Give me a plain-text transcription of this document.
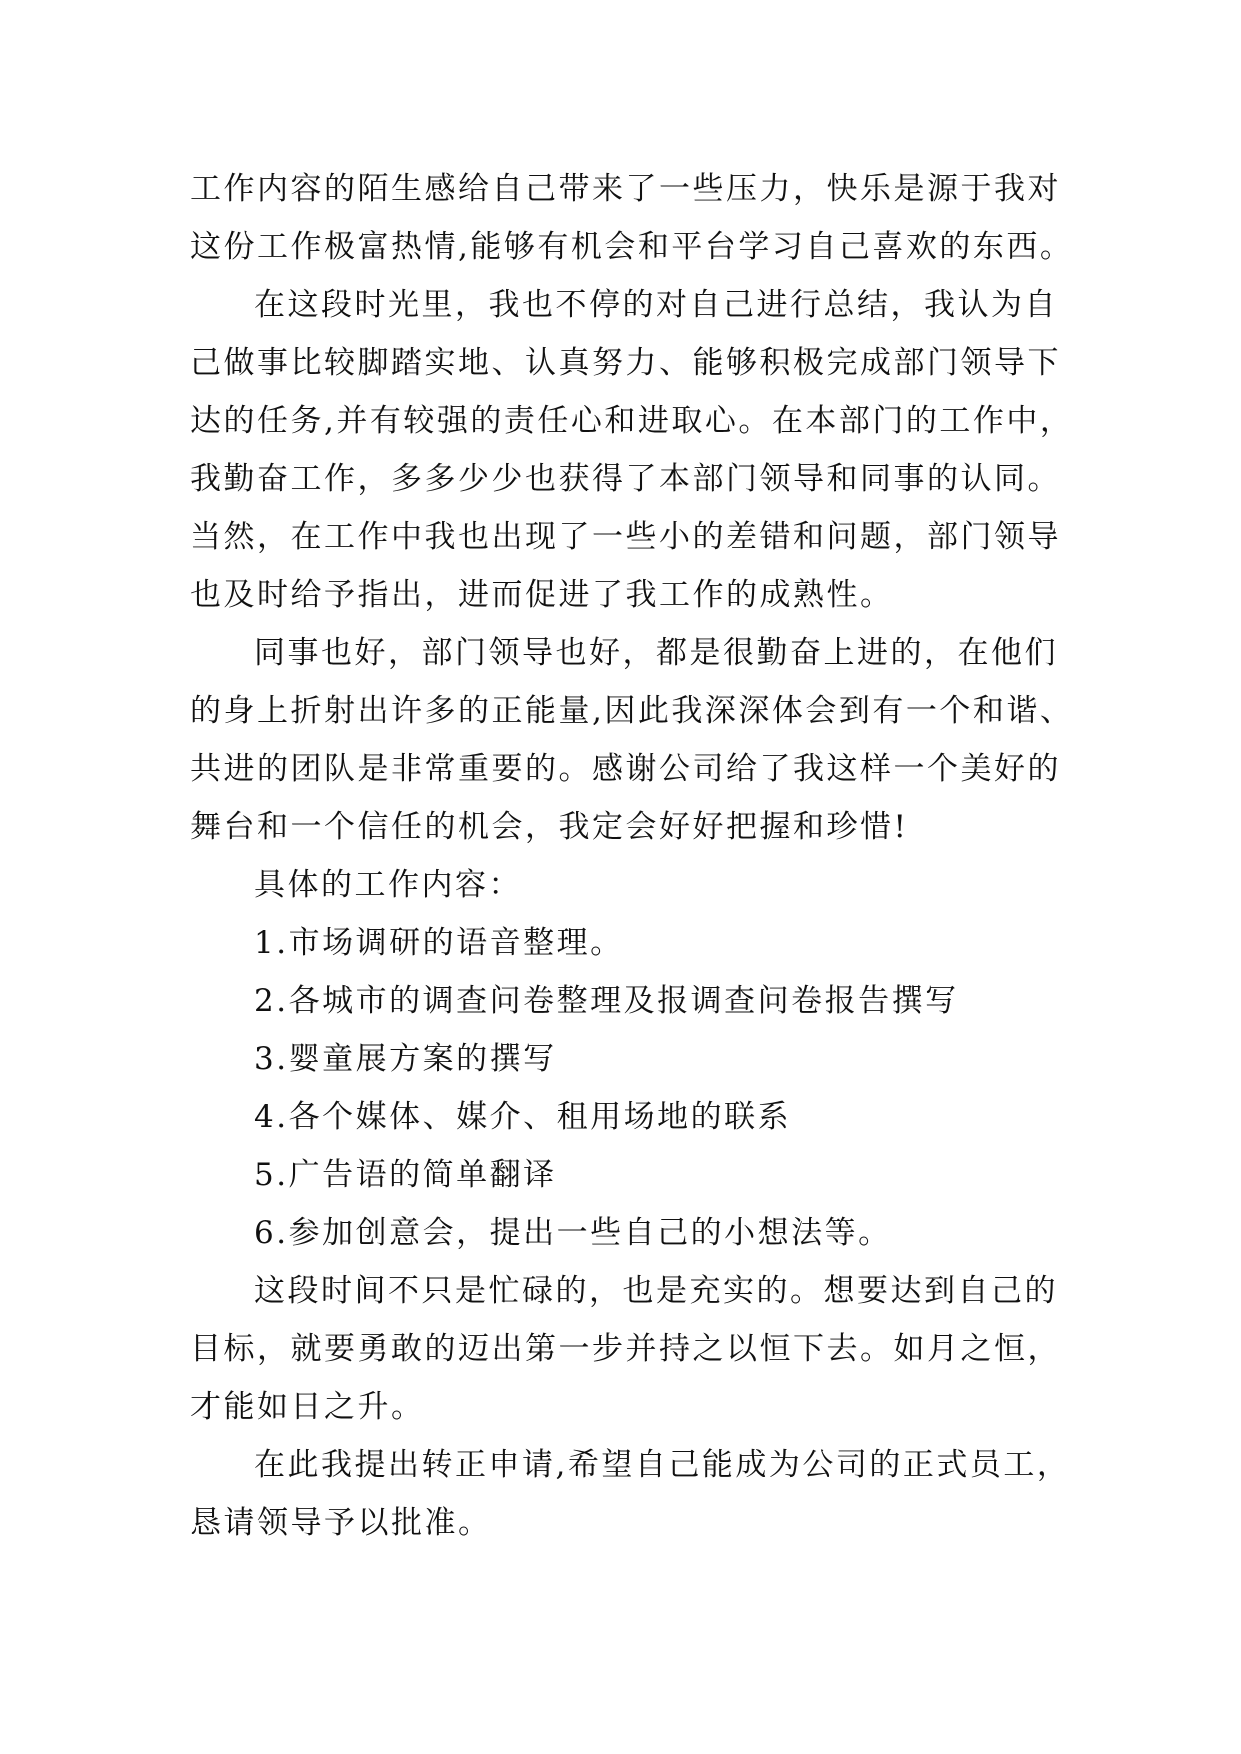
工作内容的陌生感给自己带来了一些压力，快乐是源于我对
这份工作极富热情,能够有机会和平台学习自己喜欢的东西。
在这段时光里，我也不停的对自己进行总结，我认为自
己做事比较脚踏实地、认真努力、能够积极完成部门领导下
达的任务,并有较强的责任心和进取心。在本部门的工作中，
我勤奋工作，多多少少也获得了本部门领导和同事的认同。
当然，在工作中我也出现了一些小的差错和问题，部门领导
也及时给予指出，进而促进了我工作的成熟性。
同事也好，部门领导也好，都是很勤奋上进的，在他们
的身上折射出许多的正能量,因此我深深体会到有一个和谐、
共进的团队是非常重要的。感谢公司给了我这样一个美好的
舞台和一个信任的机会，我定会好好把握和珍惜!
具体的工作内容：
1.市场调研的语音整理。
2.各城市的调查问卷整理及报调查问卷报告撰写
3.婴童展方案的撰写
4.各个媒体、媒介、租用场地的联系
5.广告语的简单翻译
6.参加创意会，提出一些自己的小想法等。
这段时间不只是忙碌的，也是充实的。想要达到自己的
目标，就要勇敢的迈出第一步并持之以恒下去。如月之恒，
才能如日之升。
在此我提出转正申请,希望自己能成为公司的正式员工，
恳请领导予以批准。
